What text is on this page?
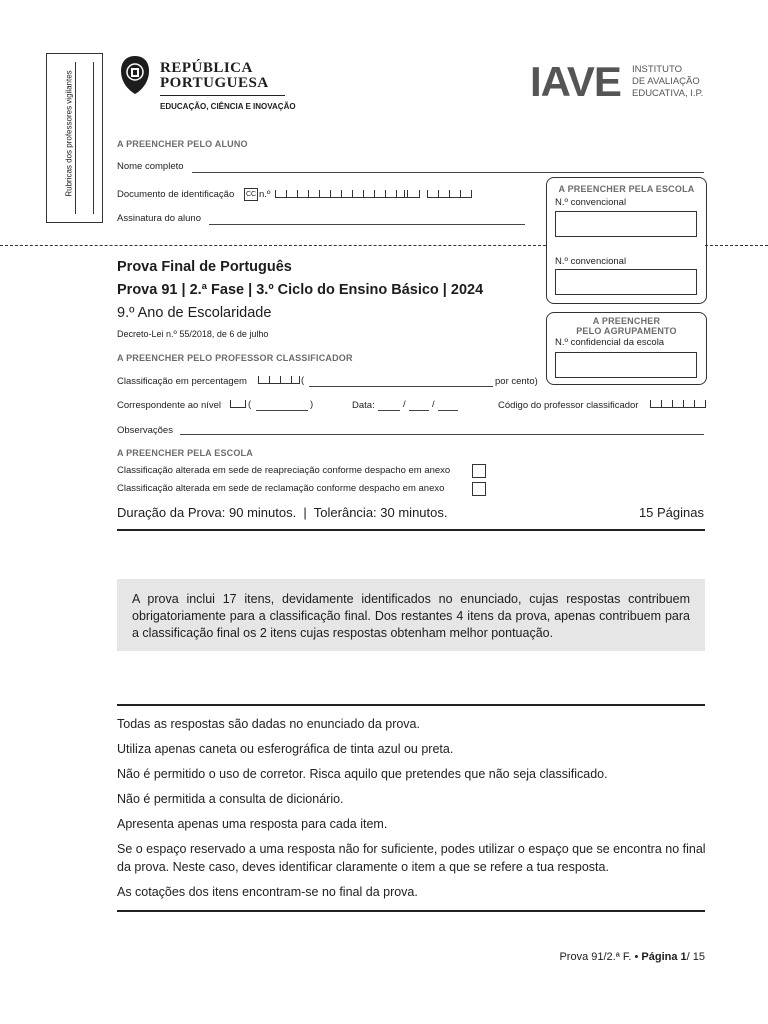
Rubricas dos professores vigilantes
REPÚBLICA
PORTUGUESA
EDUCAÇÃO, CIÊNCIA E INOVAÇÃO
IAVE INSTITUTO
DE AVALIAÇÃO
EDUCATIVA, I.P.
A PREENCHER PELO ALUNO
Nome completo
Documento de identificação CC n.º
Assinatura do aluno
A PREENCHER PELA ESCOLA
N.º convencional
N.º convencional
Prova Final de Português
Prova 91 | 2.ª Fase | 3.º Ciclo do Ensino Básico | 2024
9.º Ano de Escolaridade
Decreto-Lei n.º 55/2018, de 6 de julho
A PREENCHER
PELO AGRUPAMENTO
N.º confidencial da escola
A PREENCHER PELO PROFESSOR CLASSIFICADOR
Classificação em percentagem	(	por cento)
Correspondente ao nível	(	)	Data:	/	/	Código do professor classificador
Observações
A PREENCHER PELA ESCOLA
Classificação alterada em sede de reapreciação conforme despacho em anexo
Classificação alterada em sede de reclamação conforme despacho em anexo
Duração da Prova: 90 minutos.  |  Tolerância: 30 minutos.	15 Páginas
A prova inclui 17 itens, devidamente identificados no enunciado, cujas respostas contribuem obrigatoriamente para a classificação final. Dos restantes 4 itens da prova, apenas contribuem para a classificação final os 2 itens cujas respostas obtenham melhor pontuação.
Todas as respostas são dadas no enunciado da prova.
Utiliza apenas caneta ou esferográfica de tinta azul ou preta.
Não é permitido o uso de corretor. Risca aquilo que pretendes que não seja classificado.
Não é permitida a consulta de dicionário.
Apresenta apenas uma resposta para cada item.
Se o espaço reservado a uma resposta não for suficiente, podes utilizar o espaço que se encontra no final da prova. Neste caso, deves identificar claramente o item a que se refere a tua resposta.
As cotações dos itens encontram-se no final da prova.
Prova 91/2.ª F. • Página 1/ 15
